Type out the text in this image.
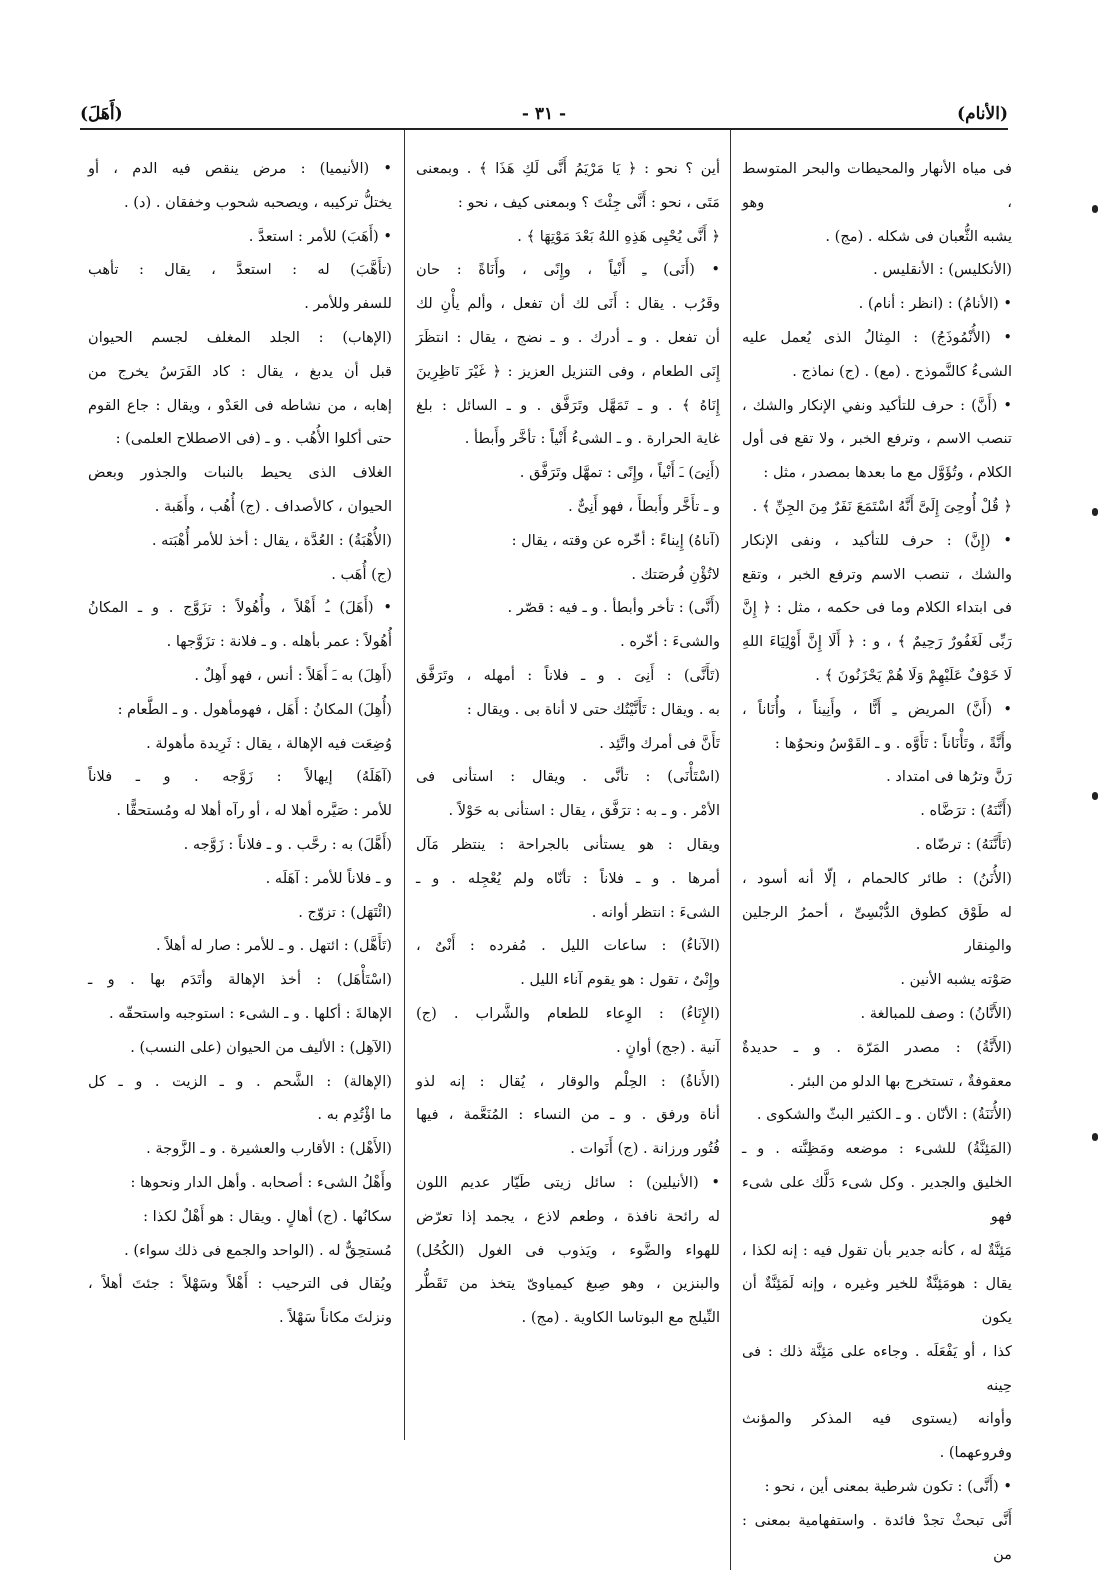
(الأنام)
- ٣١ -
(أَهَلَ)
فى مياه الأنهار والمحيطات والبحر المتوسط ، وهو
يشبه الثُّعبان فى شكله . (مج) .
(الأنكليس) : الأنقليس .
• (الأنامُ) : (انظر : أنام) .
• (الأُنْمُوذَجُ) : المِثالُ الذى يُعمل عليه
الشىءُ كالنَّموذج . (مع) . (ج) نماذج .
• (أَنَّ) : حرف للتأكيد ونفي الإنكار والشك ،
تنصب الاسم ، وترفع الخبر ، ولا تقع فى أول
الكلام ، وتُؤَوَّل مع ما بعدها بمصدر ، مثل :
﴿ قُلْ أُوحِىَ إِلَىَّ أَنَّهُ اسْتَمَعَ نَفَرٌ مِنَ الجِنِّ ﴾ .
• (إِنَّ) : حرف للتأكيد ، ونفى الإنكار
والشك ، تنصب الاسم وترفع الخبر ، وتقع
فى ابتداء الكلام وما فى حكمه ، مثل : ﴿ إِنَّ
رَبِّى لَغَفُورٌ رَحِيمٌ ﴾ ، و : ﴿ أَلَا إِنَّ أَوْلِيَاءَ اللهِ
لَا خَوْفٌ عَلَيْهِمْ وَلَا هُمْ يَحْزَنُونَ ﴾ .
• (أَنَّ) المريض ـِ أَنًّا ، وأَنِيناً ، وأُنَاناً ،
وأَنَّةً ، وتَأْنَاناً : تَأَوَّه . و ـ القَوْسُ ونحوُها :
رَنَّ وترُها فى امتداد .
(أَنَّنَهُ) : ترَضَّاه .
(تَأَنَّنَهُ) : ترضّاه .
(الأُنَنُ) : طائر كالحمام ، إلّا أنه أسود ،
له طَوْق كطوق الدُّبْسِىِّ ، أحمرُ الرجلين والمِنقار
صَوْته يشبه الأنين .
(الأَنَّانُ) : وصف للمبالغة .
(الأَنَّةُ) : مصدر المَرّة . و ـ حديدةٌ
معقوفةٌ ، تستخرج بها الدلو من البئر .
(الأُنَنَةُ) : الأنّان . و ـ الكثير البثّ والشكوى .
(المَئِنَّةُ) للشىء : موضعه ومَظِنَّته . و ـ
الخليق والجدير . وكل شىء دَلَّك على شىء فهو
مَئِنَّةٌ له ، كأنه جدير بأن تقول فيه : إنه لكذا ،
يقال : هومَئِنَّةٌ للخير وغيره ، وإنه لَمَئِنَّةٌ أن يكون
كذا ، أو يَفْعَلَه . وجاءه على مَئِنَّة ذلك : فى حِينه
وأوانه (يستوى فيه المذكر والمؤنث وفروعهما) .
• (أَنَّى) : تكون شرطية بمعنى أين ، نحو :
أَنَّى تبحثْ تجدْ فائدة . واستفهامية بمعنى : من
أين ؟ نحو : ﴿ يَا مَرْيَمُ أَنَّى لَكِ هَذَا ﴾ . وبمعنى
مَتَى ، نحو : أَنَّى جِئْتَ ؟ وبمعنى كيف ، نحو :
﴿ أَنَّى يُحْيِى هَذِهِ اللهُ بَعْدَ مَوْتِهَا ﴾ .
• (أَنَى) ـِ أَنْياً ، وإِنًى ، وأَنَاةً : حان
وقَرُب . يقال : أَنَى لك أن تفعل ، وألم يأْنِ لك
أن تفعل . و ـ أدرك . و ـ نضج ، يقال : انتظَرَ
إِنَى الطعام ، وفى التنزيل العزيز : ﴿ غَيْرَ نَاظِرِينَ
إِنَاهُ ﴾ . و ـ تَمَهَّل وتَرَفَّق . و ـ السائل : بلغ
غاية الحرارة . و ـ الشىءُ أَنْياً : تأخَّر وأَبطأ .
(أَنِىَ) ـَ أَنْياً ، وإِنًى : تمهَّل وتَرَفَّق .
و ـ تأَخَّر وأَبطأَ ، فهو أَنِىٌّ .
(آناهُ) إِيناءً : أخّره عن وقته ، يقال :
لاتُؤْنِ فُرصَتك .
(أَنَّى) : تأخر وأبطأ . و ـ فيه : قصّر .
والشىءَ : أخّره .
(تَأَنَّى) : أَنِىَ . و ـ فلاناً : أمهله ، وتَرَفَّق
به . ويقال : تَأَنَّيْتُك حتى لا أناة بى . ويقال :
تَأَنَّ فى أمرك واتَّئِد .
(اسْتَأْنَى) : تأنَّى . ويقال : استأنى فى
الأمْر . و ـ به : ترَفَّق ، يقال : استأنى به حَوْلاً .
ويقال : هو يستأنى بالجراحة : ينتظر مَآل
أمرها . و ـ فلاناً : تأنّاه ولم يُعْجِله . و ـ
الشىءَ : انتظر أوانه .
(الآناءُ) : ساعات الليل . مُفرده : أَنْىٌ ،
وإِنْىٌ ، تقول : هو يقوم آناء الليل .
(الإِنَاءُ) : الوِعاء للطعام والشَّراب . (ج)
آنية . (جج) أوانٍ .
(الأَناةُ) : الحِلْم والوقار ، يُقال : إنه لذو
أناة ورفق . و ـ من النساء : المُنَعَّمة ، فيها
فُتُور ورزانة . (ج) أَنَوات .
• (الأنيلين) : سائل زيتى طَيّار عديم اللون
له رائحة نافذة ، وطعم لاذع ، يجمد إذا تعرّض
للهواء والضَّوء ، ويَذوب فى الغول (الكُحُل)
والبنزين ، وهو صِبغ كيمياوىّ يتخذ من تَقَطُّر
النِّيلج مع البوتاسا الكاوية . (مج) .
• (الأنيميا) : مرض ينقص فيه الدم ، أو
يختلُّ تركيبه ، ويصحبه شحوب وخفقان . (د) .
• (أَهَبَ) للأمر : استعدَّ .
(تأَهَّبَ) له : استعدَّ ، يقال : تأهب
للسفر وللأمر .
(الإهاب) : الجلد المغلف لجسم الحيوان
قبل أن يدبغ ، يقال : كاد الفَرَسُ يخرج من
إهابه ، من نشاطه فى العَدْو ، ويقال : جاع القوم
حتى أكلوا الأُهُب . و ـ (فى الاصطلاح العلمى) :
الغلاف الذى يحيط بالنبات والجذور وبعض
الحيوان ، كالأصداف . (ج) أُهُب ، وأَهَبة .
(الأُهْبَةُ) : العُدَّة ، يقال : أخذ للأمر أُهْبَته .
(ج) أُهَب .
• (أَهَلَ) ـُ أَهْلاً ، وأُهُولاً : تزَوَّج . و ـ المكانُ
أُهُولاً : عمر بأهله . و ـ فلانة : تزَوَّجها .
(أَهِلَ) به ـَ أَهَلاً : أنس ، فهو أَهِلٌ .
(أُهِلَ) المكانُ : أَهَل ، فهومأهول . و ـ الطَّعام :
وُضِعَت فيه الإهالة ، يقال : ثَرِيدة مأهولة .
(آهَلَهُ) إيهالاً : زَوَّجه . و ـ فلاناً
للأمر : صَيَّره أهلا له ، أو رآه أهلا له ومُستحقًّا .
(أَهَّلَ) به : رحَّب . و ـ فلاناً : زَوَّجه .
و ـ فلاناً للأمر : آهَلَه .
(ائْتَهَل) : تزوّج .
(تَأَهَّل) : ائتهل . و ـ للأمر : صار له أهلاً .
(اسْتَأْهَل) : أخذ الإهالة وأتَدَم بها . و ـ
الإهالةَ : أكلها . و ـ الشىء : استوجبه واستحقّه .
(الآهِل) : الأليف من الحيوان (على النسب) .
(الإهالة) : الشَّحم . و ـ الزيت . و ـ كل
ما اؤْتُدِم به .
(الأَهْل) : الأقارب والعشيرة . و ـ الزَّوجة .
وأَهْلُ الشىء : أصحابه . وأهل الدار ونحوها :
سكانُها . (ج) أهالٍ . ويقال : هو أَهْلٌ لكذا :
مُستحِقٌّ له . (الواحد والجمع فى ذلك سواء) .
ويُقال فى الترحيب : أَهْلاً وسَهْلاً : جئتَ أهلاً ،
ونزلتَ مكاناً سَهْلاً .
